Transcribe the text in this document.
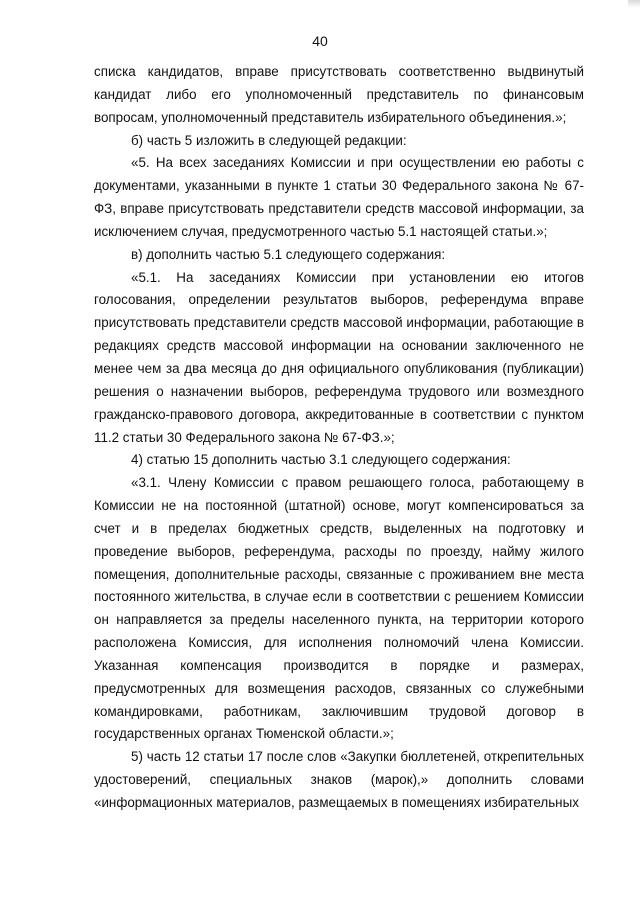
40

списка кандидатов, вправе присутствовать соответственно выдвинутый кандидат либо его уполномоченный представитель по финансовым вопросам, уполномоченный представитель избирательного объединения.»;

б) часть 5 изложить в следующей редакции:

«5. На всех заседаниях Комиссии и при осуществлении ею работы с документами, указанными в пункте 1 статьи 30 Федерального закона № 67-ФЗ, вправе присутствовать представители средств массовой информации, за исключением случая, предусмотренного частью 5.1 настоящей статьи.»;

в) дополнить частью 5.1 следующего содержания:

«5.1. На заседаниях Комиссии при установлении ею итогов голосования, определении результатов выборов, референдума вправе присутствовать представители средств массовой информации, работающие в редакциях средств массовой информации на основании заключенного не менее чем за два месяца до дня официального опубликования (публикации) решения о назначении выборов, референдума трудового или возмездного гражданско-правового договора, аккредитованные в соответствии с пунктом 11.2 статьи 30 Федерального закона № 67-ФЗ.»;

4) статью 15 дополнить частью 3.1 следующего содержания:

«3.1. Члену Комиссии с правом решающего голоса, работающему в Комиссии не на постоянной (штатной) основе, могут компенсироваться за счет и в пределах бюджетных средств, выделенных на подготовку и проведение выборов, референдума, расходы по проезду, найму жилого помещения, дополнительные расходы, связанные с проживанием вне места постоянного жительства, в случае если в соответствии с решением Комиссии он направляется за пределы населенного пункта, на территории которого расположена Комиссия, для исполнения полномочий члена Комиссии. Указанная компенсация производится в порядке и размерах, предусмотренных для возмещения расходов, связанных со служебными командировками, работникам, заключившим трудовой договор в государственных органах Тюменской области.»;

5) часть 12 статьи 17 после слов «Закупки бюллетеней, открепительных удостоверений, специальных знаков (марок),» дополнить словами «информационных материалов, размещаемых в помещениях избирательных
